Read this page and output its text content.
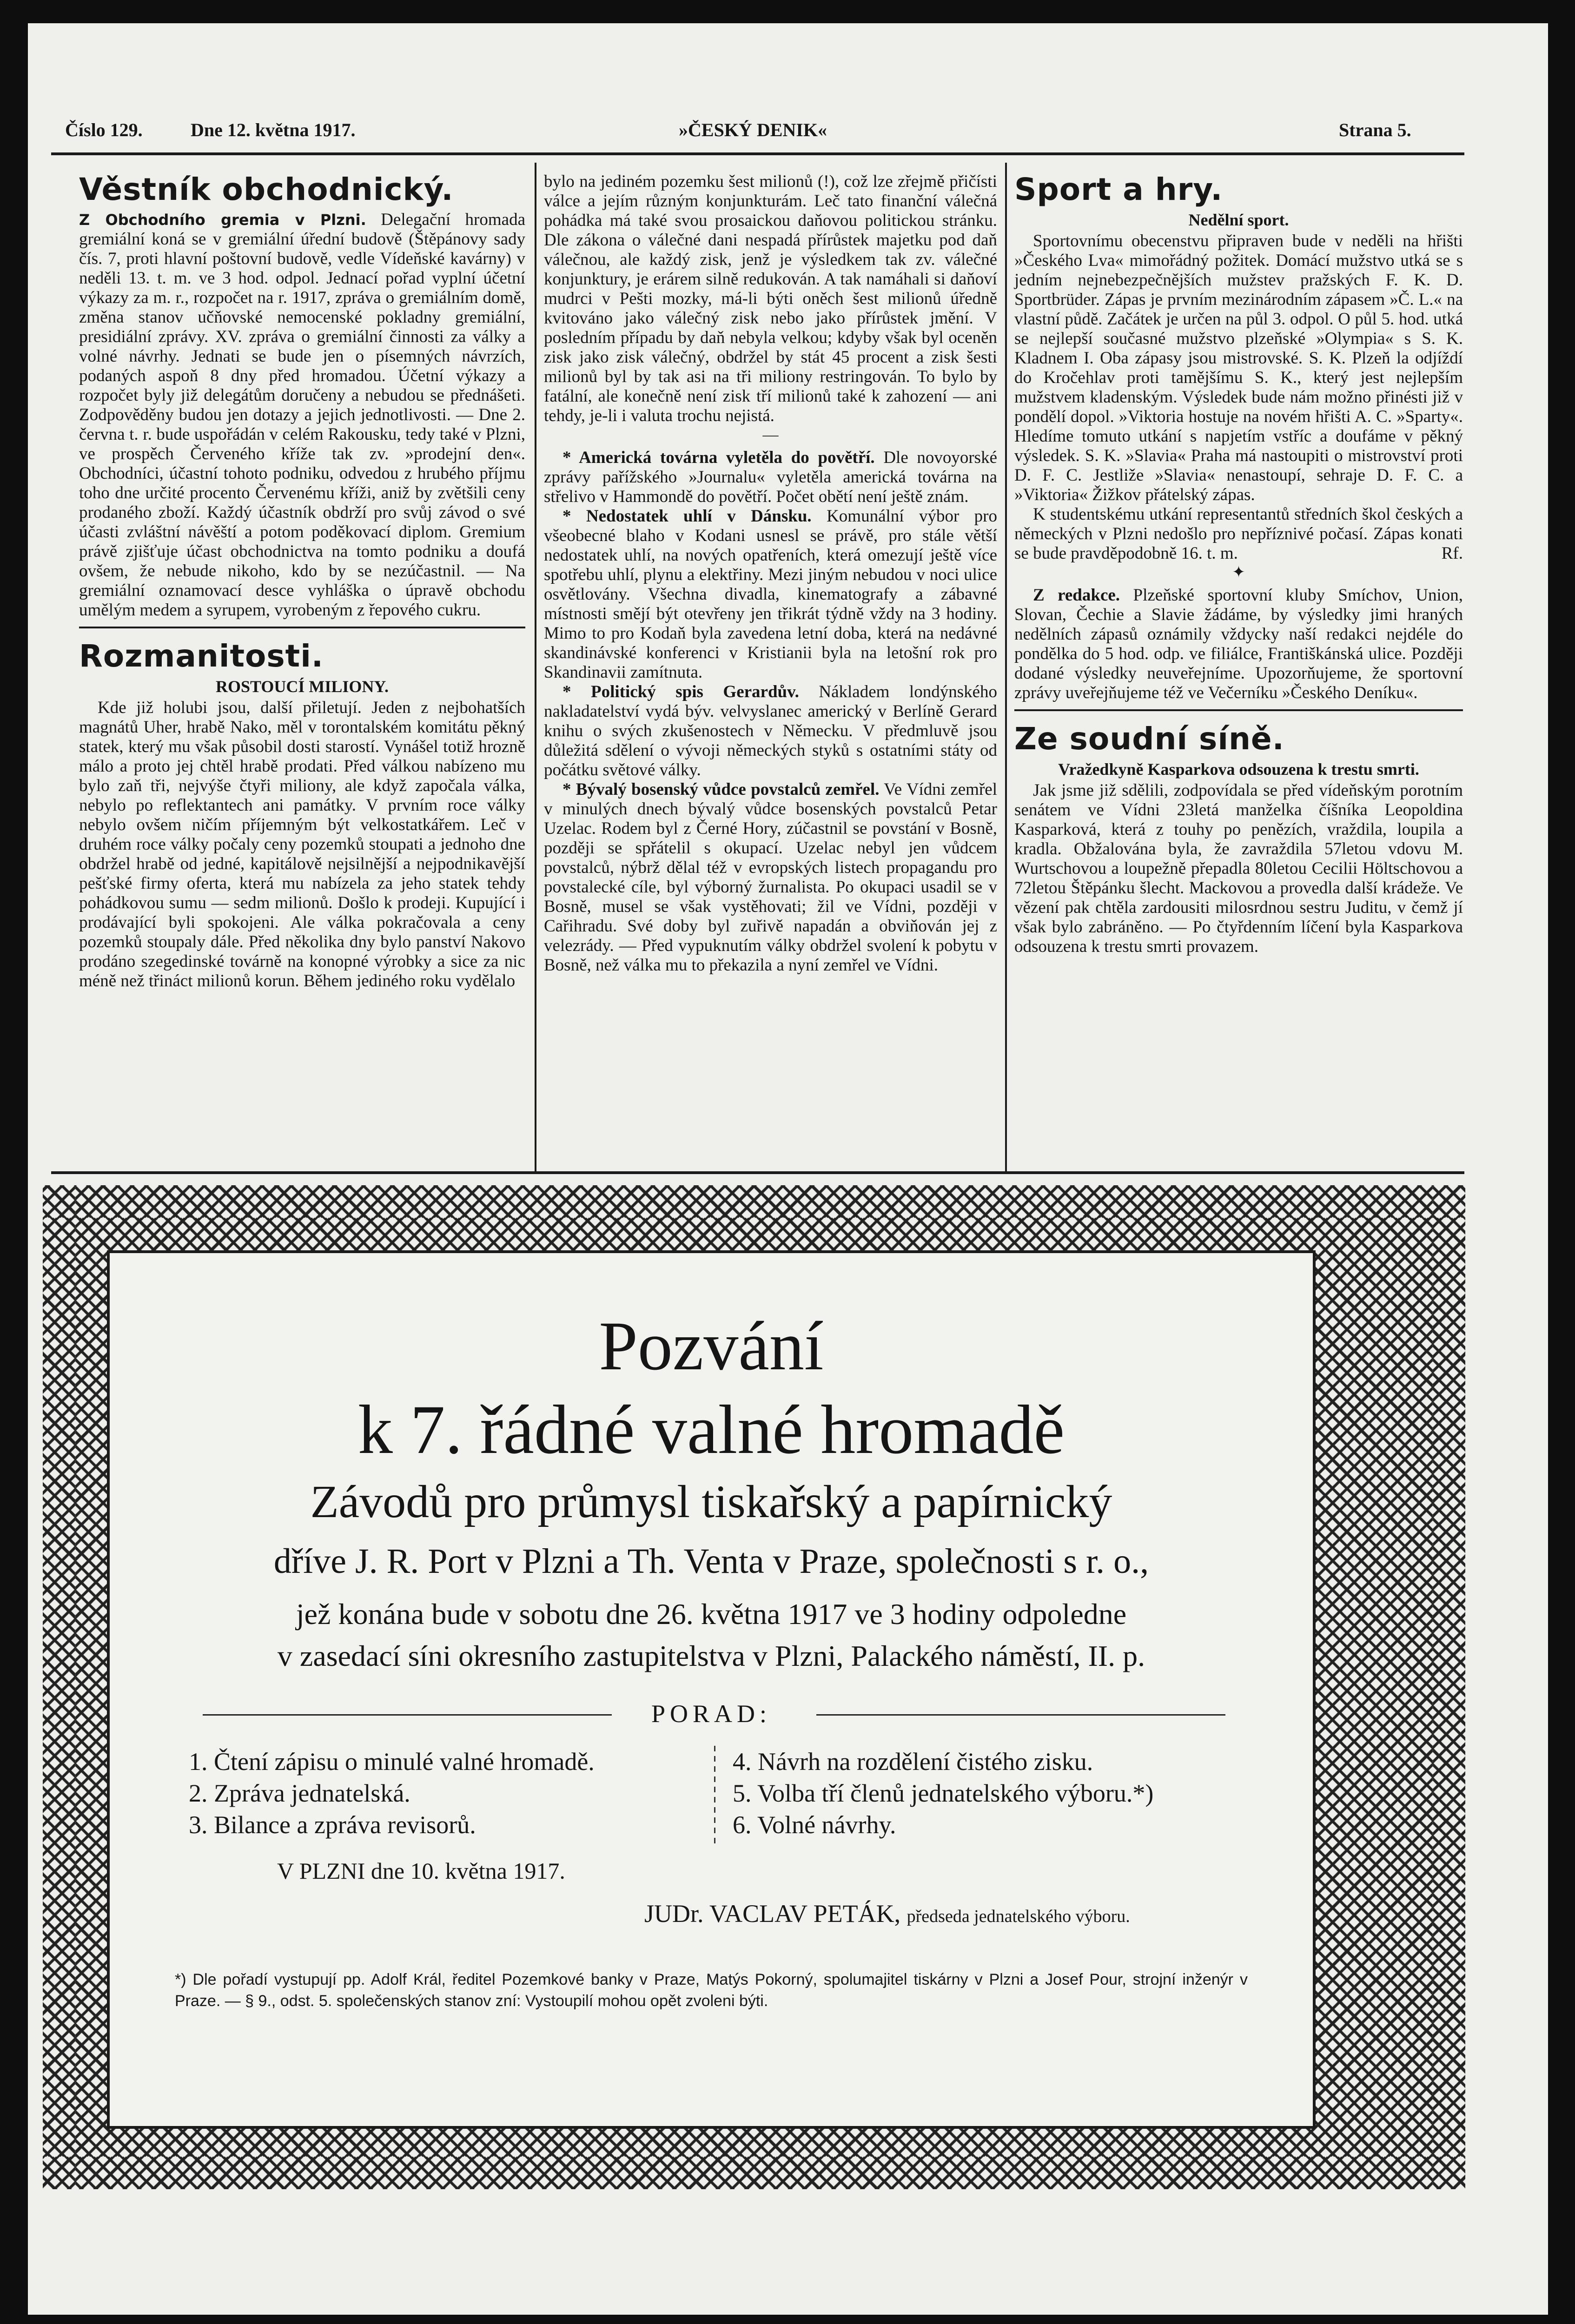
Číslo 129.	Dne 12. května 1917.	»ČESKÝ DENIK«	Strana 5.
Věstník obchodnický.

Z Obchodního gremia v Plzni. Delegační hromada gremiální koná se v gremiální úřední budově (Štěpánovy sady čís. 7, proti hlavní poštovní budově, vedle Vídeňské kavárny) v neděli 13. t. m. ve 3 hod. odpol. Jednací pořad vyplní účetní výkazy za m. r., rozpočet na r. 1917, zpráva o gremiálním domě, změna stanov učňovské nemocenské pokladny gremiální, presidiální zprávy. XV. zpráva o gremiální činnosti za války a volné návrhy. Jednati se bude jen o písemných návrzích, podaných aspoň 8 dny před hromadou. Účetní výkazy a rozpočet byly již delegátům doručeny a nebudou se přednášeti. Zodpověděny budou jen dotazy a jejich jednotlivosti. — Dne 2. června t. r. bude uspořádán v celém Rakousku, tedy také v Plzni, ve prospěch Červeného kříže tak zv. »prodejní den«. Obchodníci, účastní tohoto podniku, odvedou z hrubého příjmu toho dne určité procento Červenému kříži, aniž by zvětšili ceny prodaného zboží. Každý účastník obdrží pro svůj závod o své účasti zvláštní návěští a potom poděkovací diplom. Gremium právě zjišťuje účast obchodnictva na tomto podniku a doufá ovšem, že nebude nikoho, kdo by se nezúčastnil. — Na gremiální oznamovací desce vyhláška o úpravě obchodu umělým medem a syrupem, vyrobeným z řepového cukru.

Rozmanitosti.
ROSTOUCÍ MILIONY.

Kde již holubi jsou, další přiletují. Jeden z nejbohatších magnátů Uher, hrabě Nako, měl v torontalském komitátu pěkný statek, který mu však působil dosti starostí. Vynášel totiž hrozně málo a proto jej chtěl hrabě prodati. Před válkou nabízeno mu bylo zaň tři, nejvýše čtyři miliony, ale když započala válka, nebylo po reflektantech ani památky. V prvním roce války nebylo ovšem ničím příjemným být velkostatkářem. Leč v druhém roce války počaly ceny pozemků stoupati a jednoho dne obdržel hrabě od jedné, kapitálově nejsilnější a nejpodnikavější pešťské firmy oferta, která mu nabízela za jeho statek tehdy pohádkovou sumu — sedm milionů. Došlo k prodeji. Kupující i prodávající byli spokojeni. Ale válka pokračovala a ceny pozemků stoupaly dále. Před několika dny bylo panství Nakovo prodáno szegedinské továrně na konopné výrobky a sice za nic méně než třináct milionů korun. Během jediného roku vydělalo

bylo na jediném pozemku šest milionů (!), což lze zřejmě přičísti válce a jejím různým konjunkturám. Leč tato finanční válečná pohádka má také svou prosaickou daňovou politickou stránku. Dle zákona o válečné dani nespadá přírůstek majetku pod daň válečnou, ale každý zisk, jenž je výsledkem tak zv. válečné konjunktury, je erárem silně redukován. A tak namáhali si daňoví mudrci v Pešti mozky, má-li býti oněch šest milionů úředně kvitováno jako válečný zisk nebo jako přírůstek jmění. V posledním případu by daň nebyla velkou; kdyby však byl oceněn zisk jako zisk válečný, obdržel by stát 45 procent a zisk šesti milionů byl by tak asi na tři miliony restringován. To bylo by fatální, ale konečně není zisk tří milionů také k zahození — ani tehdy, je-li i valuta trochu nejistá.

—

* Americká továrna vyletěla do povětří. Dle novoyorské zprávy pařížského »Journalu« vyletěla americká továrna na střelivo v Hammondě do povětří. Počet obětí není ještě znám.

* Nedostatek uhlí v Dánsku. Komunální výbor pro všeobecné blaho v Kodani usnesl se právě, pro stále větší nedostatek uhlí, na nových opatřeních, která omezují ještě více spotřebu uhlí, plynu a elektřiny. Mezi jiným nebudou v noci ulice osvětlovány. Všechna divadla, kinematografy a zábavné místnosti smějí být otevřeny jen třikrát týdně vždy na 3 hodiny. Mimo to pro Kodaň byla zavedena letní doba, která na nedávné skandinávské konferenci v Kristianii byla na letošní rok pro Skandinavii zamítnuta.

* Politický spis Gerardův. Nákladem londýnského nakladatelství vydá býv. velvyslanec americký v Berlíně Gerard knihu o svých zkušenostech v Německu. V předmluvě jsou důležitá sdělení o vývoji německých styků s ostatními státy od počátku světové války.

* Bývalý bosenský vůdce povstalců zemřel. Ve Vídni zemřel v minulých dnech bývalý vůdce bosenských povstalců Petar Uzelac. Rodem byl z Černé Hory, zúčastnil se povstání v Bosně, později se spřátelil s okupací. Uzelac nebyl jen vůdcem povstalců, nýbrž dělal též v evropských listech propagandu pro povstalecké cíle, byl výborný žurnalista. Po okupaci usadil se v Bosně, musel se však vystěhovati; žil ve Vídni, později v Cařihradu. Své doby byl zuřivě napadán a obviňován jej z velezrády. — Před vypuknutím války obdržel svolení k pobytu v Bosně, než válka mu to překazila a nyní zemřel ve Vídni.

Sport a hry.
Nedělní sport.

Sportovnímu obecenstvu připraven bude v neděli na hřišti »Českého Lva« mimořádný požitek. Domácí mužstvo utká se s jedním nejnebezpečnějších mužstev pražských F. K. D. Sportbrüder. Zápas je prvním mezinárodním zápasem »Č. L.« na vlastní půdě. Začátek je určen na půl 3. odpol. O půl 5. hod. utká se nejlepší současné mužstvo plzeňské »Olympia« s S. K. Kladnem I. Oba zápasy jsou mistrovské. S. K. Plzeň la odjíždí do Kročehlav proti tamějšímu S. K., který jest nejlepším mužstvem kladenským. Výsledek bude nám možno přinésti již v pondělí dopol. »Viktoria hostuje na novém hřišti A. C. »Sparty«. Hledíme tomuto utkání s napjetím vstříc a doufáme v pěkný výsledek. S. K. »Slavia« Praha má nastoupiti o mistrovství proti D. F. C. Jestliže »Slavia« nenastoupí, sehraje D. F. C. a »Viktoria« Žižkov přátelský zápas.

K studentskému utkání representantů středních škol českých a německých v Plzni nedošlo pro nepříznivé počasí. Zápas konati se bude pravděpodobně 16. t. m.	Rf.

✦

Z redakce. Plzeňské sportovní kluby Smíchov, Union, Slovan, Čechie a Slavie žádáme, by výsledky jimi hraných nedělních zápasů oznámily vždycky naší redakci nejdéle do pondělka do 5 hod. odp. ve filiálce, Františkánská ulice. Později dodané výsledky neuveřejníme. Upozorňujeme, že sportovní zprávy uveřejňujeme též ve Večerníku »Českého Deníku«.

Ze soudní síně.
Vražedkyně Kasparkova odsouzena k trestu smrti.

Jak jsme již sdělili, zodpovídala se před vídeňským porotním senátem ve Vídni 23letá manželka číšníka Leopoldina Kasparková, která z touhy po penězích, vraždila, loupila a kradla. Obžalována byla, že zavraždila 57letou vdovu M. Wurtschovou a loupežně přepadla 80letou Cecilii Höltschovou a 72letou Štěpánku šlecht. Mackovou a provedla další krádeže. Ve vězení pak chtěla zardousiti milosrdnou sestru Juditu, v čemž jí však bylo zabráněno. — Po čtyřdenním líčení byla Kasparkova odsouzena k trestu smrti provazem.

Pozvání
k 7. řádné valné hromadě
Závodů pro průmysl tiskařský a papírnický
dříve J. R. Port v Plzni a Th. Venta v Praze, společnosti s r. o.,
jež konána bude v sobotu dne 26. května 1917 ve 3 hodiny odpoledne
v zasedací síni okresního zastupitelstva v Plzni, Palackého náměstí, II. p.
PORAD:
1. Čtení zápisu o minulé valné hromadě.
2. Zpráva jednatelská.
3. Bilance a zpráva revisorů.
4. Návrh na rozdělení čistého zisku.
5. Volba tří členů jednatelského výboru.*)
6. Volné návrhy.
V PLZNI dne 10. května 1917.
JUDr. VACLAV PETÁK, předseda jednatelského výboru.
*) Dle pořadí vystupují pp. Adolf Král, ředitel Pozemkové banky v Praze, Matýs Pokorný, spolumajitel tiskárny v Plzni a Josef Pour, strojní inženýr v Praze. — § 9., odst. 5. společenských stanov zní: Vystoupilí mohou opět zvoleni býti.
